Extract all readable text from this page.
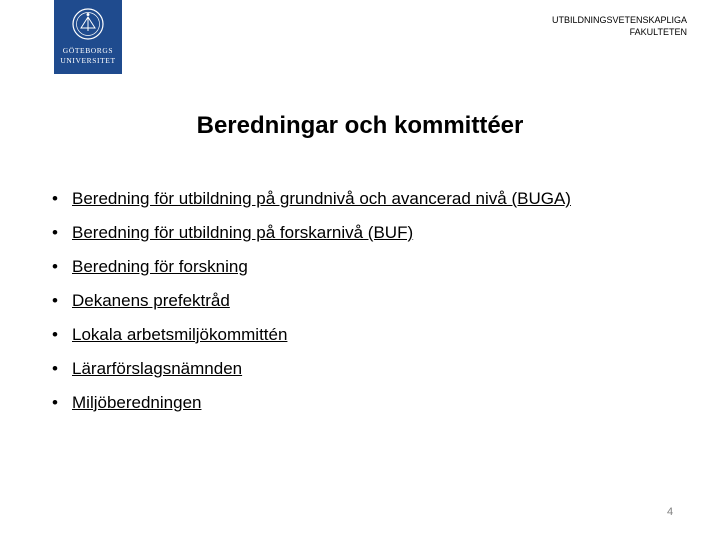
GÖTEBORGS
UNIVERSITET
UTBILDNINGSVETENSKAPLIGA
FAKULTETEN
Beredningar och kommittéer
• Beredning för utbildning på grundnivå och avancerad nivå (BUGA)
• Beredning för utbildning på forskarnivå (BUF)
• Beredning för forskning
• Dekanens prefektråd
• Lokala arbetsmiljökommittén
• Lärarförslagsnämnden
• Miljöberedningen
4
